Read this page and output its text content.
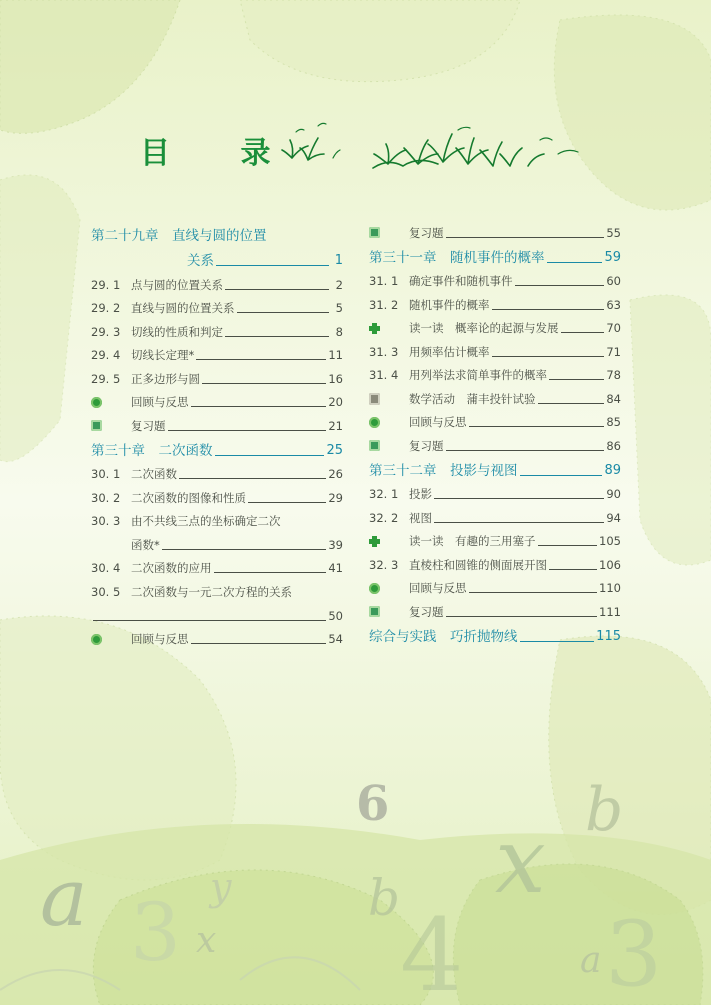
6	b
x
a	y	b 4 3
x	a
3
目 录
第二十九章　直线与圆的位置
关系	1
29. 1 点与圆的位置关系	2
29. 2 直线与圆的位置关系	5
29. 3 切线的性质和判定	8
29. 4 切线长定理*	11
29. 5 正多边形与圆	16
回顾与反思	20
复习题	21
第三十章　二次函数	25
30. 1 二次函数	26
30. 2 二次函数的图像和性质	29
30. 3 由不共线三点的坐标确定二次
函数*	39
30. 4 二次函数的应用	41
30. 5 二次函数与一元二次方程的关系
50
回顾与反思	54
复习题	55
第三十一章　随机事件的概率	59
31. 1 确定事件和随机事件	60
31. 2 随机事件的概率	63
读一读　概率论的起源与发展	70
31. 3 用频率估计概率	71
31. 4 用列举法求简单事件的概率	78
数学活动　蒲丰投针试验	84
回顾与反思	85
复习题	86
第三十二章　投影与视图	89
32. 1 投影	90
32. 2 视图	94
读一读　有趣的三用塞子	105
32. 3 直棱柱和圆锥的侧面展开图	106
回顾与反思	110
复习题	111
综合与实践　巧折抛物线	115
